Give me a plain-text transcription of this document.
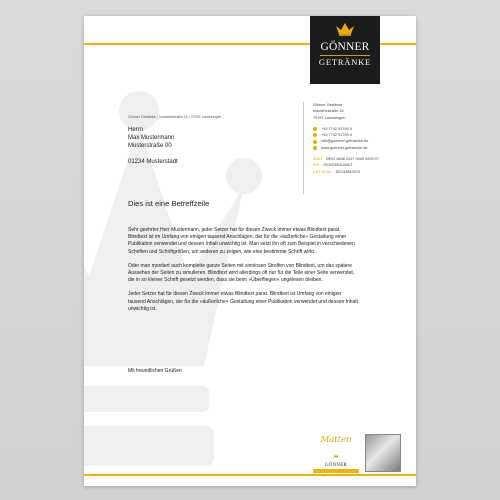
GÖNNER
GETRÄNKE
Gönner Getränke | Industriestraße 15 | 79787 Lauchringen
Herrn
Max Mustermann
Musterstraße 00
01234 Musterstadt
Gönner Getränke
Industriestraße 15
79787 Lauchringen
+49 7742 91799-0
+49 7742 91799-9
info@goenner-getraenke.de
www.goenner-getraenke.de
IBAN: DE91 6846 2427 0003 0009 07
BIC: GENODE61WUT
UST-ID-Nr.: DE142849978
Dies ist eine Betreffzeile

Sehr geehrter Herr Mustermann, jeder Setzer hat für diesen Zweck immer etwas Blindtext parat. Blindtext ist im Umfang von einigen tausend Anschlägen, der für die »äußerliche« Gestaltung einer Publikation verwendet und dessen Inhalt unwichtig ist. Man setzt ihn oft zum Beispiel in verschiedenen Schriften und Schriftgrößen, um anderen zu zeigen, wie eine bestimmte Schrift wirkt.

Oder man montiert auch komplette ganze Seiten mit sinnlosen Streifen von Blindtext, um das spätere Aussehen der Seiten zu simulieren. Blindtext wird allerdings oft nur für die Teile einer Seite verwendet, die in so kleiner Schrift gesetzt werden, dass sie beim »Überfliegen« ungelesen bleiben.

Jeder Setzer hat für diesen Zweck immer etwas Blindtext parat. Blindtext ist Umfang von einigen tausend Anschlägen, der für die »äußerliche« Gestaltung einer Publikation verwendet und dessen Inhalt unwichtig ist.

Mit freundlichen Grüßen
Matten
GÖNNER
